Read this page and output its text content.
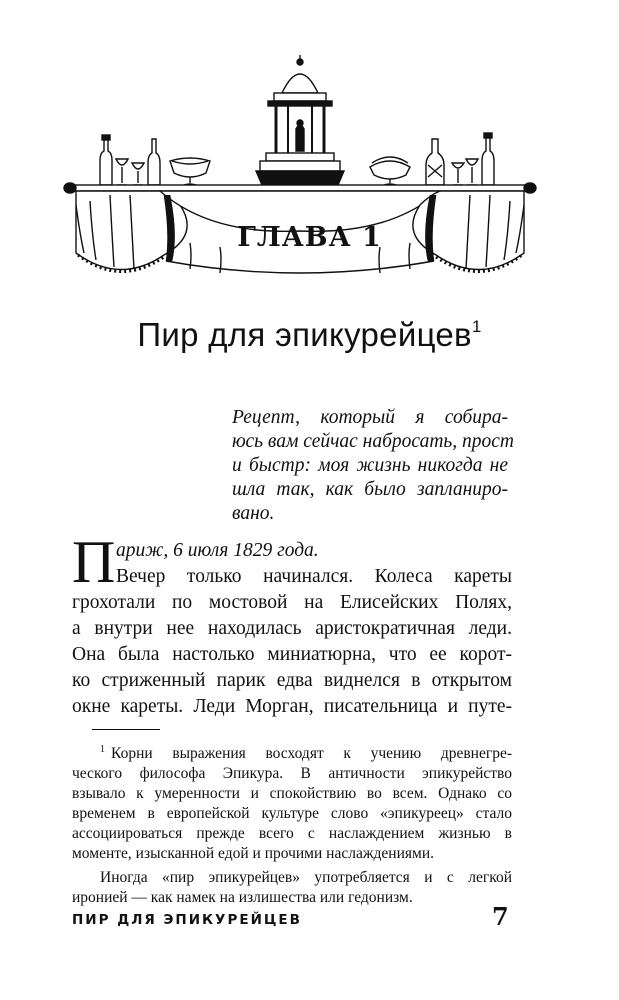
ГЛАВА 1
Пир для эпикурейцев$^1$
Рецепт, который я собира-
юсь вам сейчас набросать, прост
и быстр: моя жизнь никогда не
шла так, как было запланиро-
вано.
П ариж, 6 июля 1829 года.
Вечер только начинался. Колеса кареты
грохотали по мостовой на Елисейских Полях,
а внутри нее находилась аристократичная леди.
Она была настолько миниатюрна, что ее корот-
ко стриженный парик едва виднелся в открытом
окне кареты. Леди Морган, писательница и путе-
$^1$ Корни выражения восходят к учению древнегре-
ческого философа Эпикура. В античности эпикурейство
взывало к умеренности и спокойствию во всем. Однако со
временем в европейской культуре слово «эпикуреец» стало
ассоциироваться прежде всего с наслаждением жизнью в
моменте, изысканной едой и прочими наслаждениями.
Иногда «пир эпикурейцев» употребляется и с легкой
иронией — как намек на излишества или гедонизм.
ПИР ДЛЯ ЭПИКУРЕЙЦЕВ	7
